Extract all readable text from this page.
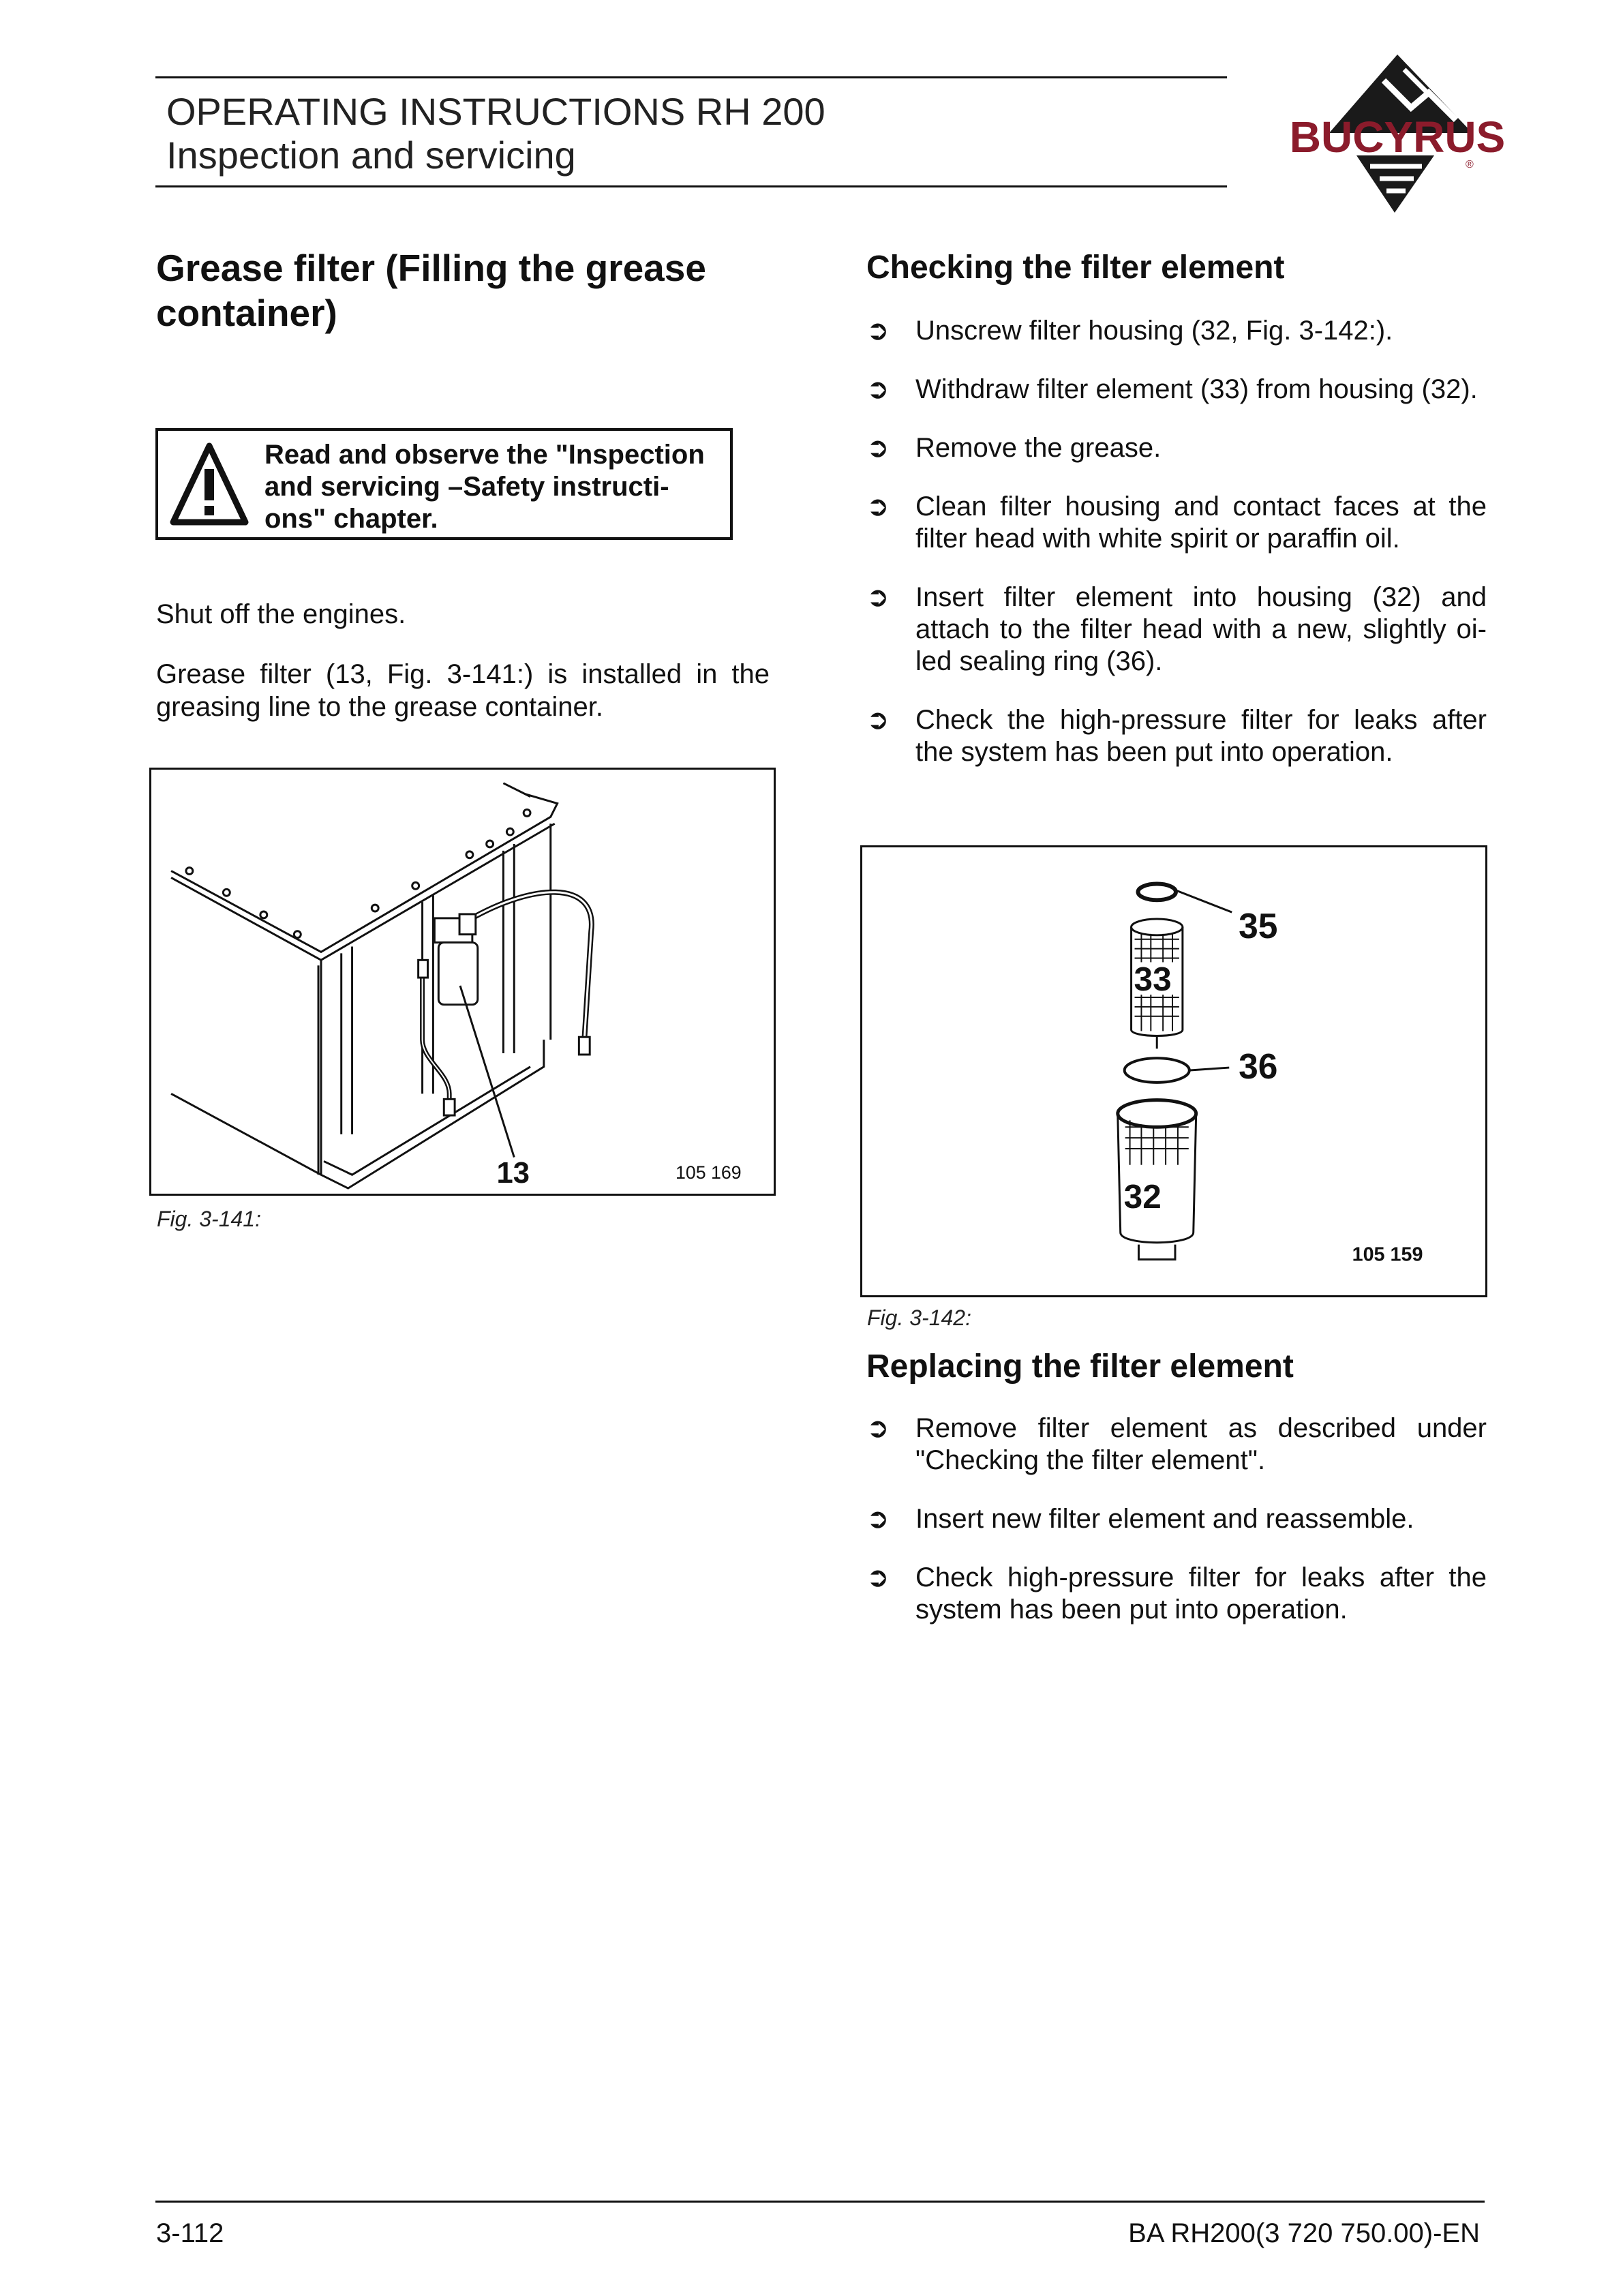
OPERATING INSTRUCTIONS RH 200
Inspection and servicing	BUCYRUS
®
Grease filter (Filling the grease container)
Read and observe the "Inspection and servicing –Safety instructi-ons" chapter.
Shut off the engines.
Grease filter (13, Fig. 3-141:) is installed in the greasing line to the grease container.
13	105 169
Fig. 3-141:
Checking the filter element
➲ Unscrew filter housing (32, Fig. 3-142:).
➲ Withdraw filter element (33) from housing (32).
➲ Remove the grease.
➲ Clean filter housing and contact faces at the filter head with white spirit or paraffin oil.
➲ Insert filter element into housing (32) and attach to the filter head with a new, slightly oi-led sealing ring (36).
➲ Check the high-pressure filter for leaks after the system has been put into operation.
35
33
36
32
105 159
Fig. 3-142:
Replacing the filter element
➲ Remove filter element as described under "Checking the filter element".
➲ Insert new filter element and reassemble.
➲ Check high-pressure filter for leaks after the system has been put into operation.
3-112	BA RH200(3 720 750.00)-EN
